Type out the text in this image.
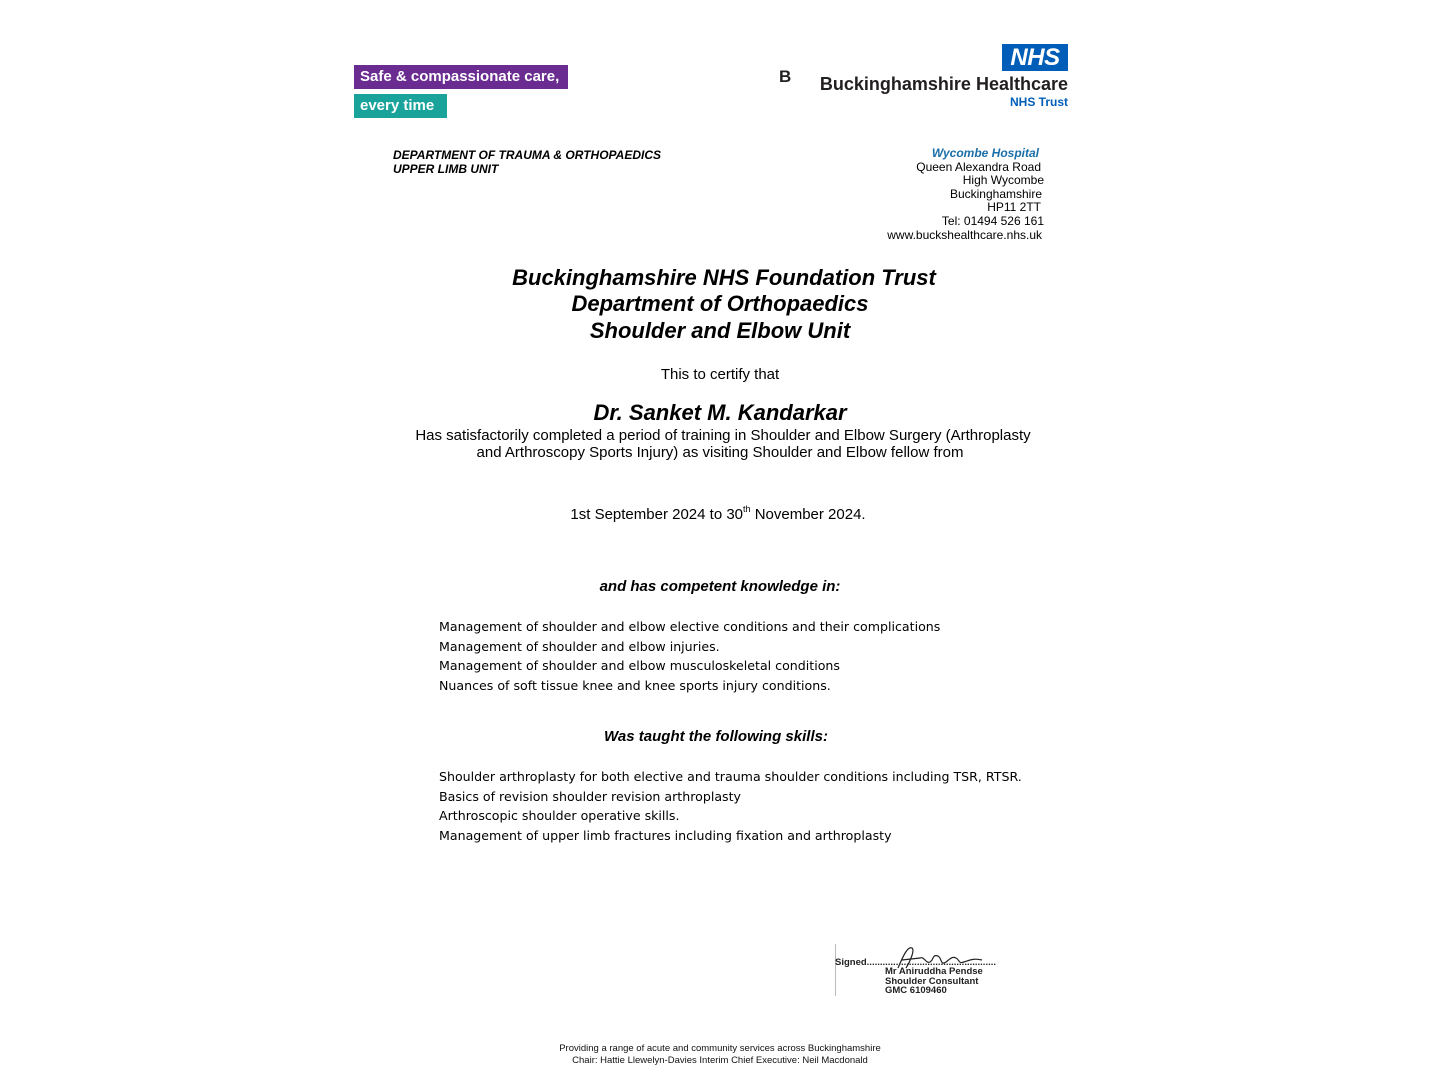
Safe & compassionate care,
every time
B
NHS
Buckinghamshire Healthcare
NHS Trust
DEPARTMENT OF TRAUMA & ORTHOPAEDICS
UPPER LIMB UNIT
Wycombe Hospital
Queen Alexandra Road
High Wycombe
Buckinghamshire
HP11 2TT
Tel: 01494 526 161
www.buckshealthcare.nhs.uk
Buckinghamshire NHS Foundation Trust
Department of Orthopaedics
Shoulder and Elbow Unit
This to certify that
Dr. Sanket M. Kandarkar
Has satisfactorily completed a period of training in Shoulder and Elbow Surgery (Arthroplasty
and Arthroscopy Sports Injury) as visiting Shoulder and Elbow fellow from
1st September 2024 to 30th November 2024.
and has competent knowledge in:
Management of shoulder and elbow elective conditions and their complications
Management of shoulder and elbow injuries.
Management of shoulder and elbow musculoskeletal conditions
Nuances of soft tissue knee and knee sports injury conditions.
Was taught the following skills:
Shoulder arthroplasty for both elective and trauma shoulder conditions including TSR, RTSR.
Basics of revision shoulder revision arthroplasty
Arthroscopic shoulder operative skills.
Management of upper limb fractures including fixation and arthroplasty
Signed.................................................
Mr Aniruddha Pendse
Shoulder Consultant
GMC 6109460
Providing a range of acute and community services across Buckinghamshire
Chair: Hattie Llewelyn-Davies Interim Chief Executive: Neil Macdonald
